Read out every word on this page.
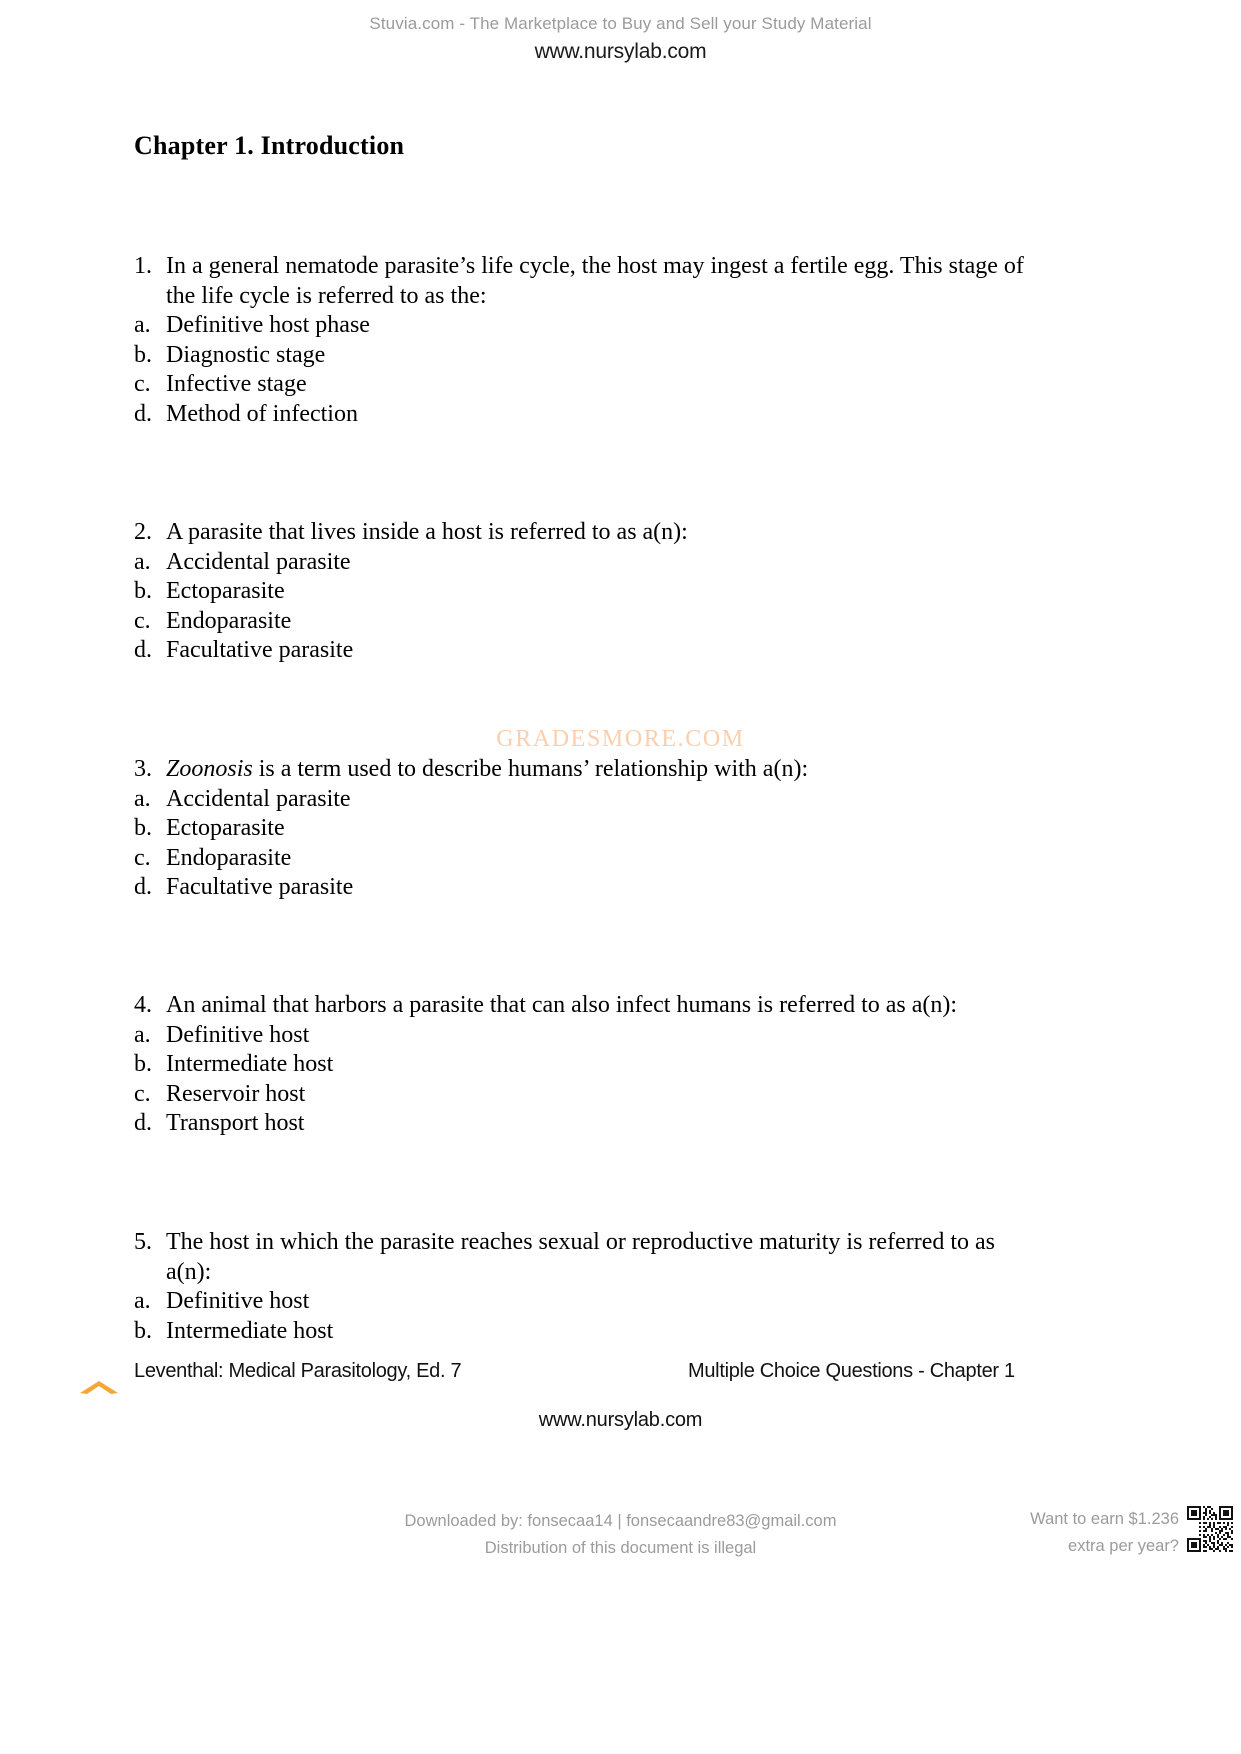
Stuvia.com - The Marketplace to Buy and Sell your Study Material
www.nursylab.com
Chapter 1. Introduction
GRADESMORE.COM

1. In a general nematode parasite’s life cycle, the host may ingest a fertile egg. This stage of the life cycle is referred to as the:

a. Definitive host phase
b. Diagnostic stage
c. Infective stage
d. Method of infection

2. A parasite that lives inside a host is referred to as a(n):

a. Accidental parasite
b. Ectoparasite
c. Endoparasite
d. Facultative parasite

3. Zoonosis is a term used to describe humans’ relationship with a(n):

a. Accidental parasite
b. Ectoparasite
c. Endoparasite
d. Facultative parasite

4. An animal that harbors a parasite that can also infect humans is referred to as a(n):

a. Definitive host
b. Intermediate host
c. Reservoir host
d. Transport host

5. The host in which the parasite reaches sexual or reproductive maturity is referred to as a(n):

a. Definitive host
b. Intermediate host
Leventhal: Medical Parasitology, Ed. 7	Multiple Choice Questions - Chapter 1
www.nursylab.com
Downloaded by: fonsecaa14 | fonsecaandre83@gmail.com
Distribution of this document is illegal
Want to earn $1.236
extra per year?
